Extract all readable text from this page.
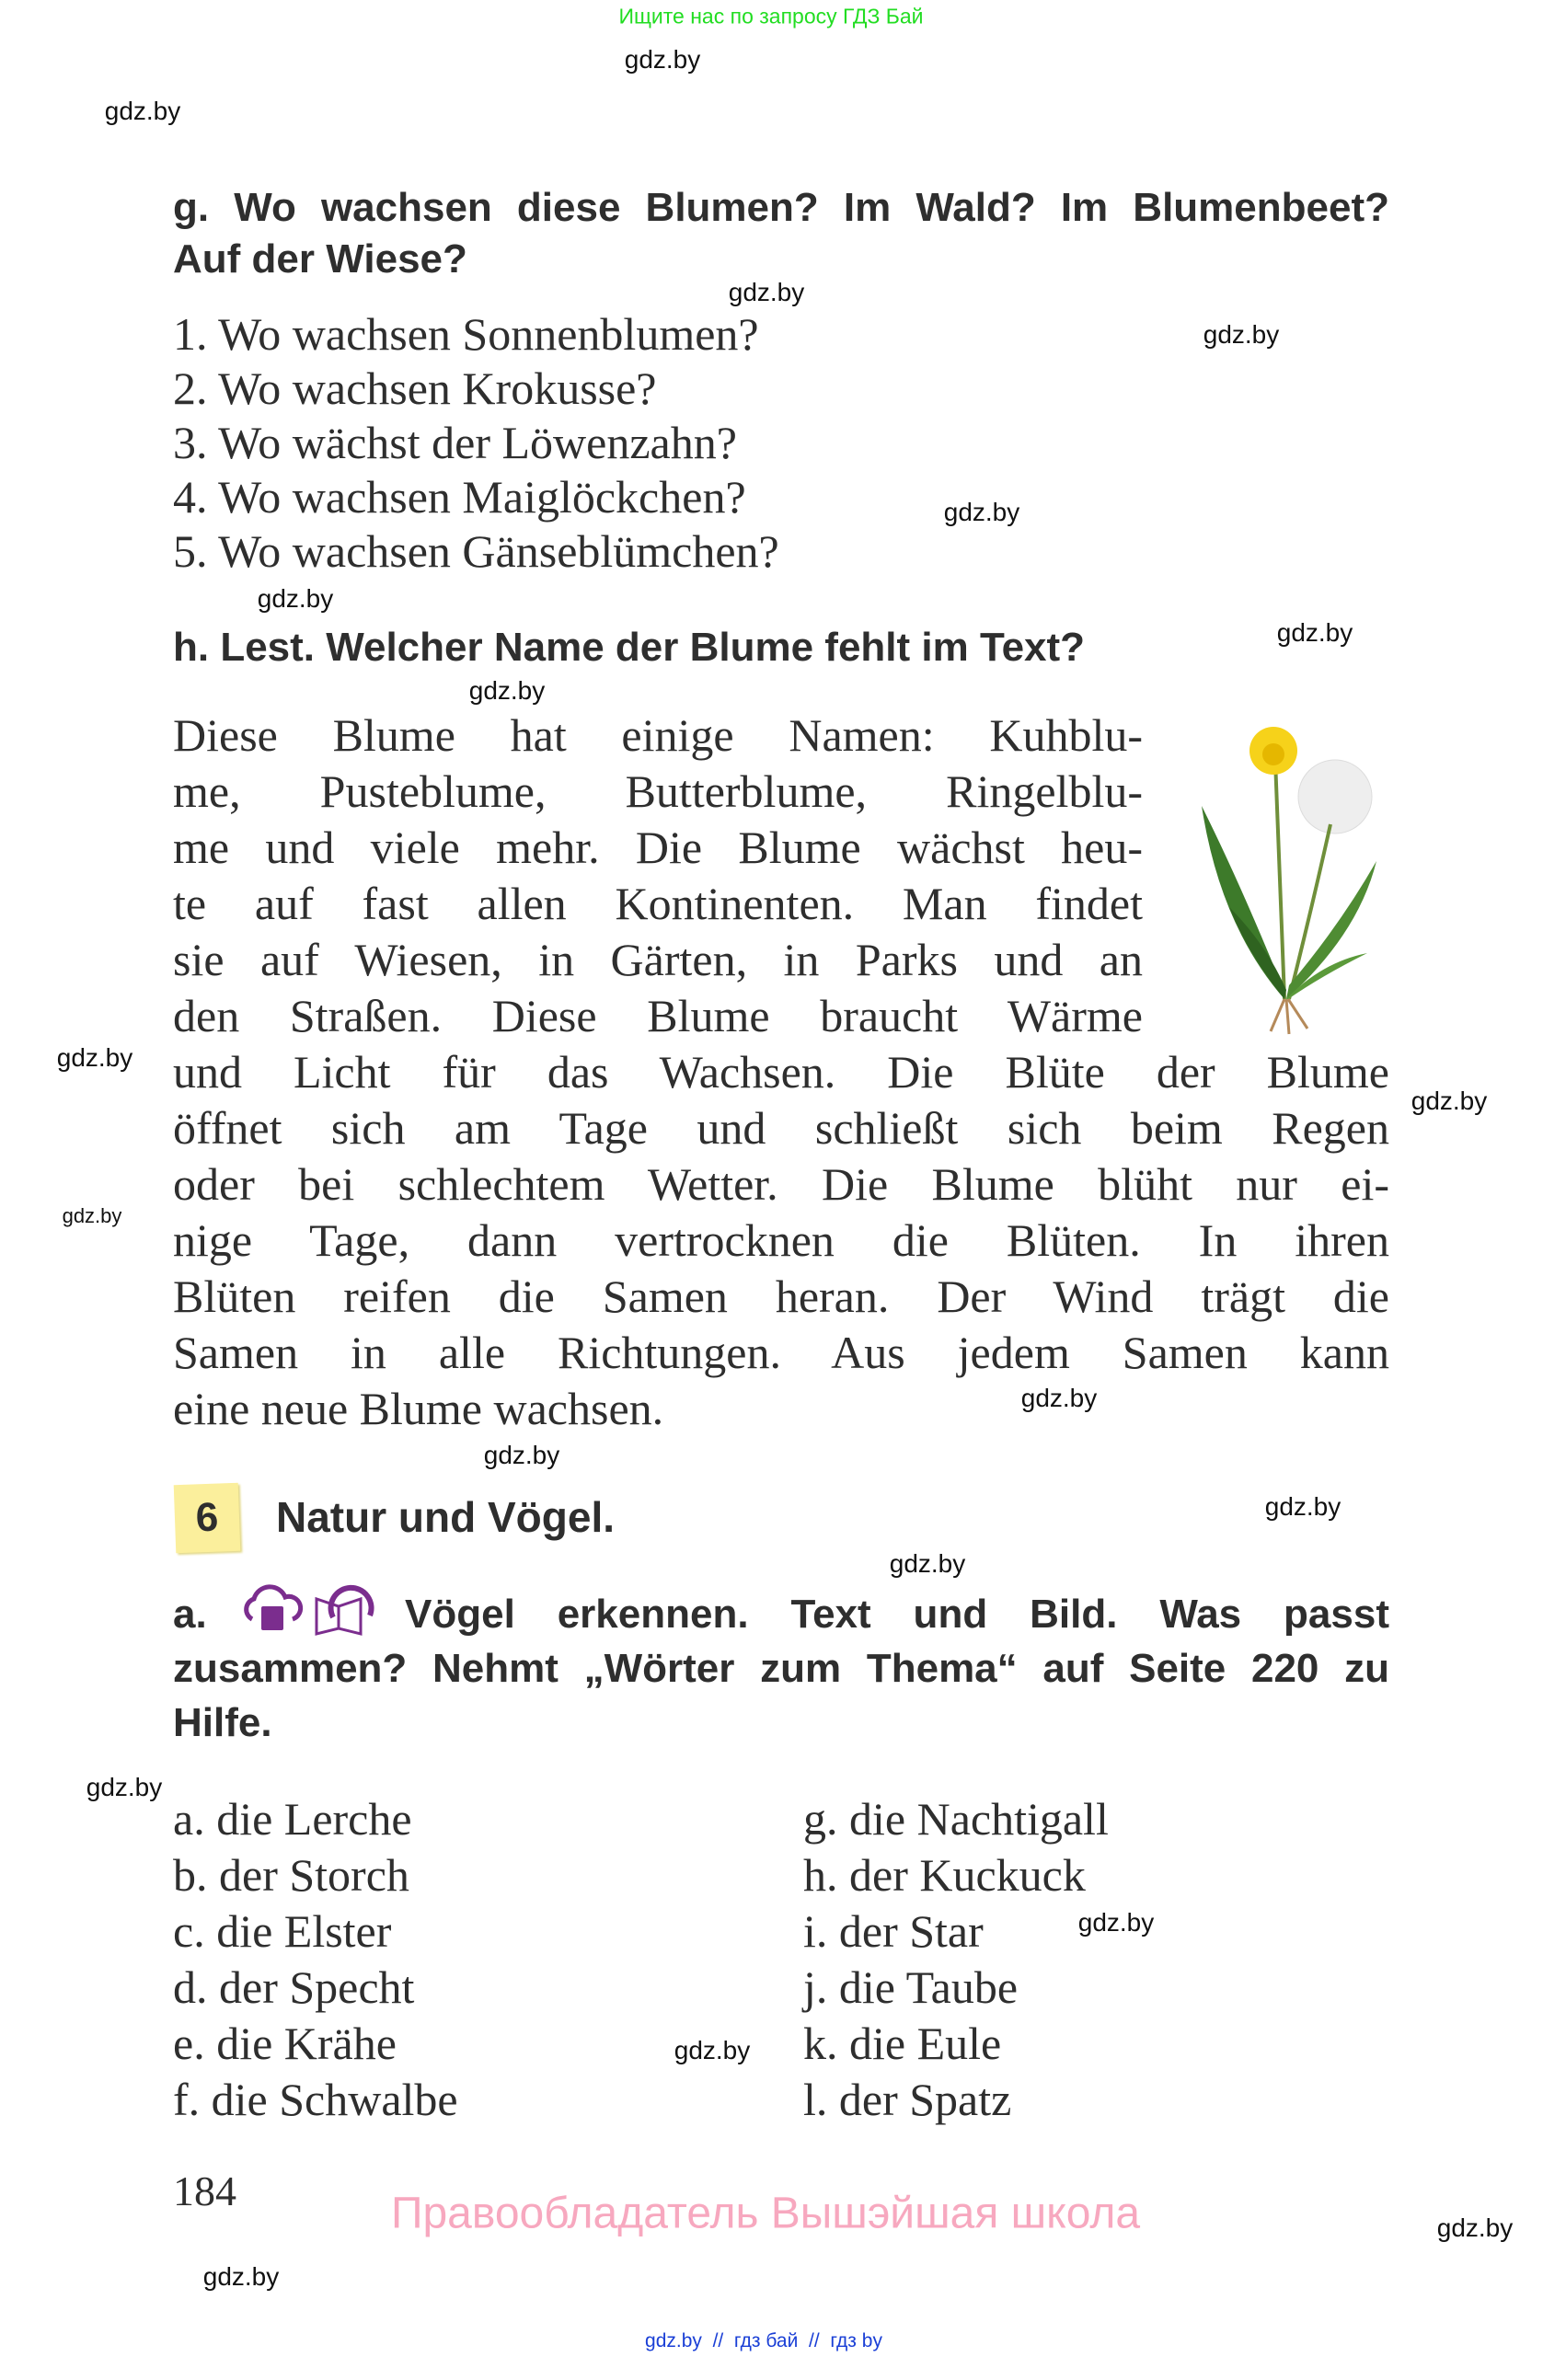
Ищите нас по запросу ГДЗ Бай
gdz.by
gdz.by
gdz.by
gdz.by
gdz.by
gdz.by
gdz.by
gdz.by
gdz.by
gdz.by
gdz.by
gdz.by
gdz.by
gdz.by
gdz.by
gdz.by
gdz.by
gdz.by
gdz.by
gdz.by
g. Wo wachsen diese Blumen? Im Wald? Im Blumenbeet?
Auf der Wiese?
1. Wo wachsen Sonnenblumen?
2. Wo wachsen Krokusse?
3. Wo wächst der Löwenzahn?
4. Wo wachsen Maiglöckchen?
5. Wo wachsen Gänseblümchen?
h. Lest. Welcher Name der Blume fehlt im Text?
Diese Blume hat einige Namen: Kuhblu-
me, Pusteblume, Butterblume, Ringelblu-
me und viele mehr. Die Blume wächst heu-
te auf fast allen Kontinenten. Man findet
sie auf Wiesen, in Gärten, in Parks und an
den Straßen. Diese Blume braucht Wärme
und Licht für das Wachsen. Die Blüte der Blume
öffnet sich am Tage und schließt sich beim Regen
oder bei schlechtem Wetter. Die Blume blüht nur ei-
nige Tage, dann vertrocknen die Blüten. In ihren
Blüten reifen die Samen heran. Der Wind trägt die
Samen in alle Richtungen. Aus jedem Samen kann
eine neue Blume wachsen.
6	Natur und Vögel.
a.	Vögel erkennen. Text und Bild. Was passt
zusammen? Nehmt „Wörter zum Thema“ auf Seite 220 zu
Hilfe.
a. die Lerche
b. der Storch
c. die Elster
d. der Specht
e. die Krähe
f. die Schwalbe
g. die Nachtigall
h. der Kuckuck
i. der Star
j. die Taube
k. die Eule
l. der Spatz
184	Правообладатель Вышэйшая школа
gdz.by  //  гдз бай  //  гдз by
